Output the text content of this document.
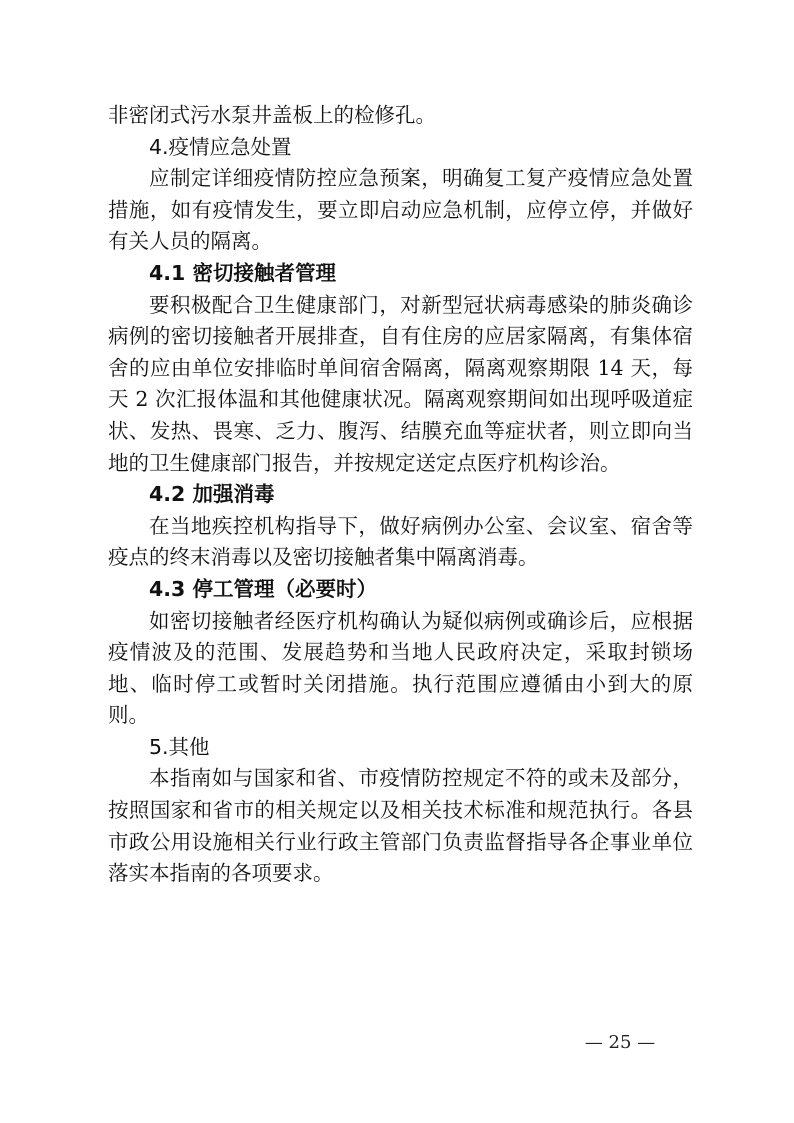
非密闭式污水泵井盖板上的检修孔。

4.疫情应急处置

应制定详细疫情防控应急预案，明确复工复产疫情应急处置措施，如有疫情发生，要立即启动应急机制，应停立停，并做好有关人员的隔离。

4.1 密切接触者管理

要积极配合卫生健康部门，对新型冠状病毒感染的肺炎确诊病例的密切接触者开展排查，自有住房的应居家隔离，有集体宿舍的应由单位安排临时单间宿舍隔离，隔离观察期限 14 天，每天 2 次汇报体温和其他健康状况。隔离观察期间如出现呼吸道症状、发热、畏寒、乏力、腹泻、结膜充血等症状者，则立即向当地的卫生健康部门报告，并按规定送定点医疗机构诊治。

4.2 加强消毒

在当地疾控机构指导下，做好病例办公室、会议室、宿舍等疫点的终末消毒以及密切接触者集中隔离消毒。

4.3 停工管理（必要时）

如密切接触者经医疗机构确认为疑似病例或确诊后，应根据疫情波及的范围、发展趋势和当地人民政府决定，采取封锁场地、临时停工或暂时关闭措施。执行范围应遵循由小到大的原则。

5.其他

本指南如与国家和省、市疫情防控规定不符的或未及部分，按照国家和省市的相关规定以及相关技术标准和规范执行。各县市政公用设施相关行业行政主管部门负责监督指导各企事业单位落实本指南的各项要求。

— 25 —
